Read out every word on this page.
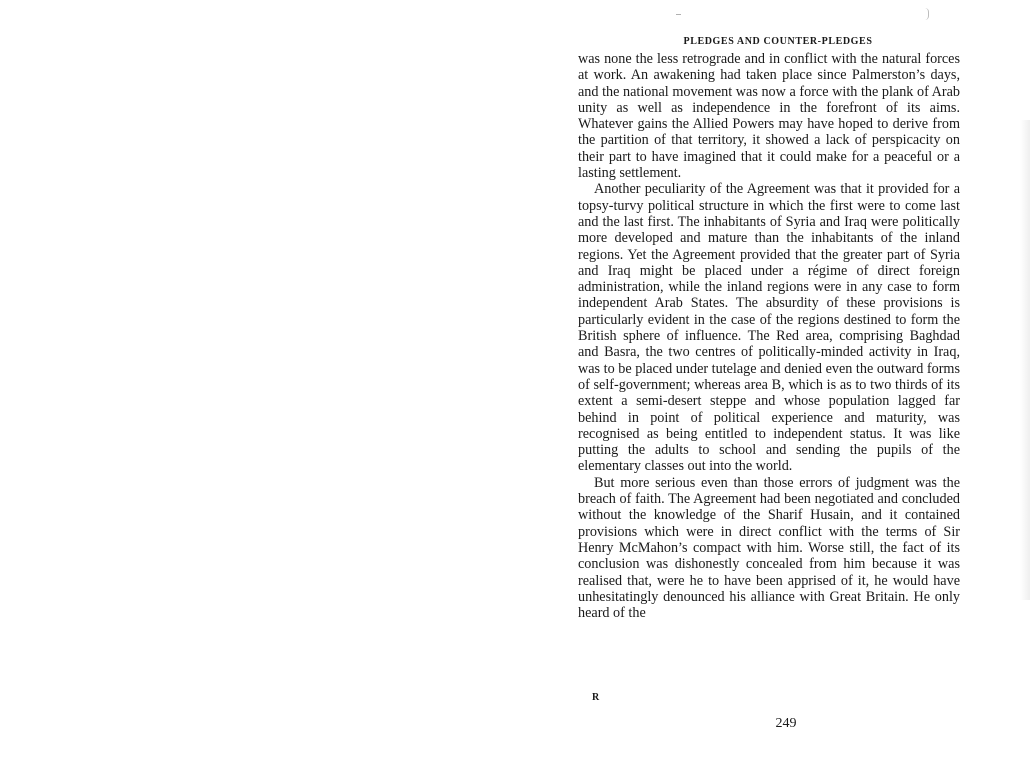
PLEDGES AND COUNTER-PLEDGES

was none the less retrograde and in conflict with the natural forces at work. An awakening had taken place since Palmerston’s days, and the national movement was now a force with the plank of Arab unity as well as independence in the forefront of its aims. Whatever gains the Allied Powers may have hoped to derive from the partition of that territory, it showed a lack of perspicacity on their part to have imagined that it could make for a peaceful or a lasting settlement.

Another peculiarity of the Agreement was that it provided for a topsy-turvy political structure in which the first were to come last and the last first. The inhabitants of Syria and Iraq were politically more developed and mature than the inhabitants of the inland regions. Yet the Agreement provided that the greater part of Syria and Iraq might be placed under a régime of direct foreign administration, while the inland regions were in any case to form independent Arab States. The absurdity of these provisions is particularly evident in the case of the regions destined to form the British sphere of influence. The Red area, comprising Baghdad and Basra, the two centres of politically-minded activity in Iraq, was to be placed under tutelage and denied even the outward forms of self-government; whereas area B, which is as to two thirds of its extent a semi-desert steppe and whose population lagged far behind in point of political experience and maturity, was recognised as being entitled to independent status. It was like putting the adults to school and sending the pupils of the elementary classes out into the world.

But more serious even than those errors of judgment was the breach of faith. The Agreement had been negotiated and concluded without the knowledge of the Sharif Husain, and it contained provisions which were in direct conflict with the terms of Sir Henry McMahon’s compact with him. Worse still, the fact of its conclusion was dishonestly concealed from him because it was realised that, were he to have been apprised of it, he would have unhesitatingly denounced his alliance with Great Britain. He only heard of the

249
R
